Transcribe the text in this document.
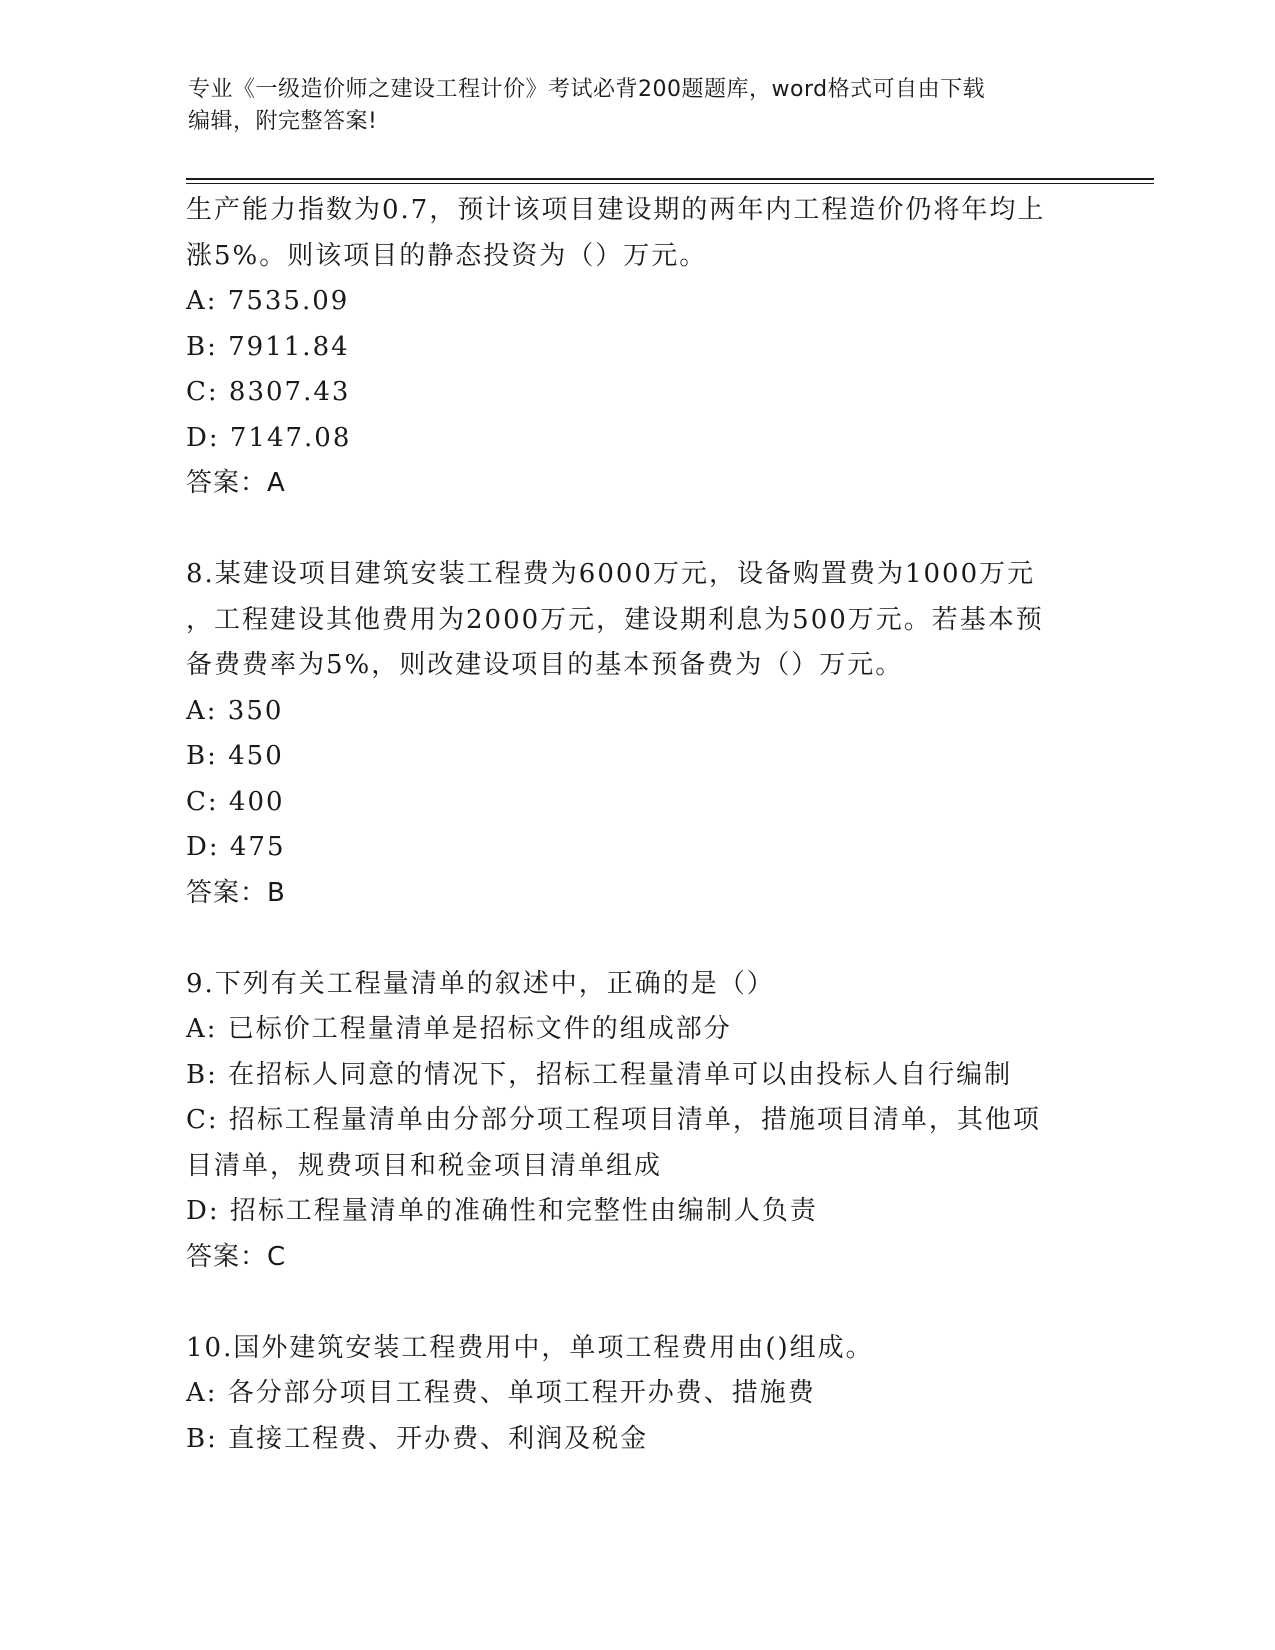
专业《一级造价师之建设工程计价》考试必背200题题库，word格式可自由下载
编辑，附完整答案!
生产能力指数为0.7，预计该项目建设期的两年内工程造价仍将年均上
涨5%。则该项目的静态投资为（）万元。
A: 7535.09
B: 7911.84
C: 8307.43
D: 7147.08
答案：A
8.某建设项目建筑安装工程费为6000万元，设备购置费为1000万元
，工程建设其他费用为2000万元，建设期利息为500万元。若基本预
备费费率为5%，则改建设项目的基本预备费为（）万元。
A: 350
B: 450
C: 400
D: 475
答案：B
9.下列有关工程量清单的叙述中，正确的是（）
A: 已标价工程量清单是招标文件的组成部分
B: 在招标人同意的情况下，招标工程量清单可以由投标人自行编制
C: 招标工程量清单由分部分项工程项目清单，措施项目清单，其他项
目清单，规费项目和税金项目清单组成
D: 招标工程量清单的准确性和完整性由编制人负责
答案：C
10.国外建筑安装工程费用中，单项工程费用由()组成。
A: 各分部分项目工程费、单项工程开办费、措施费
B: 直接工程费、开办费、利润及税金
